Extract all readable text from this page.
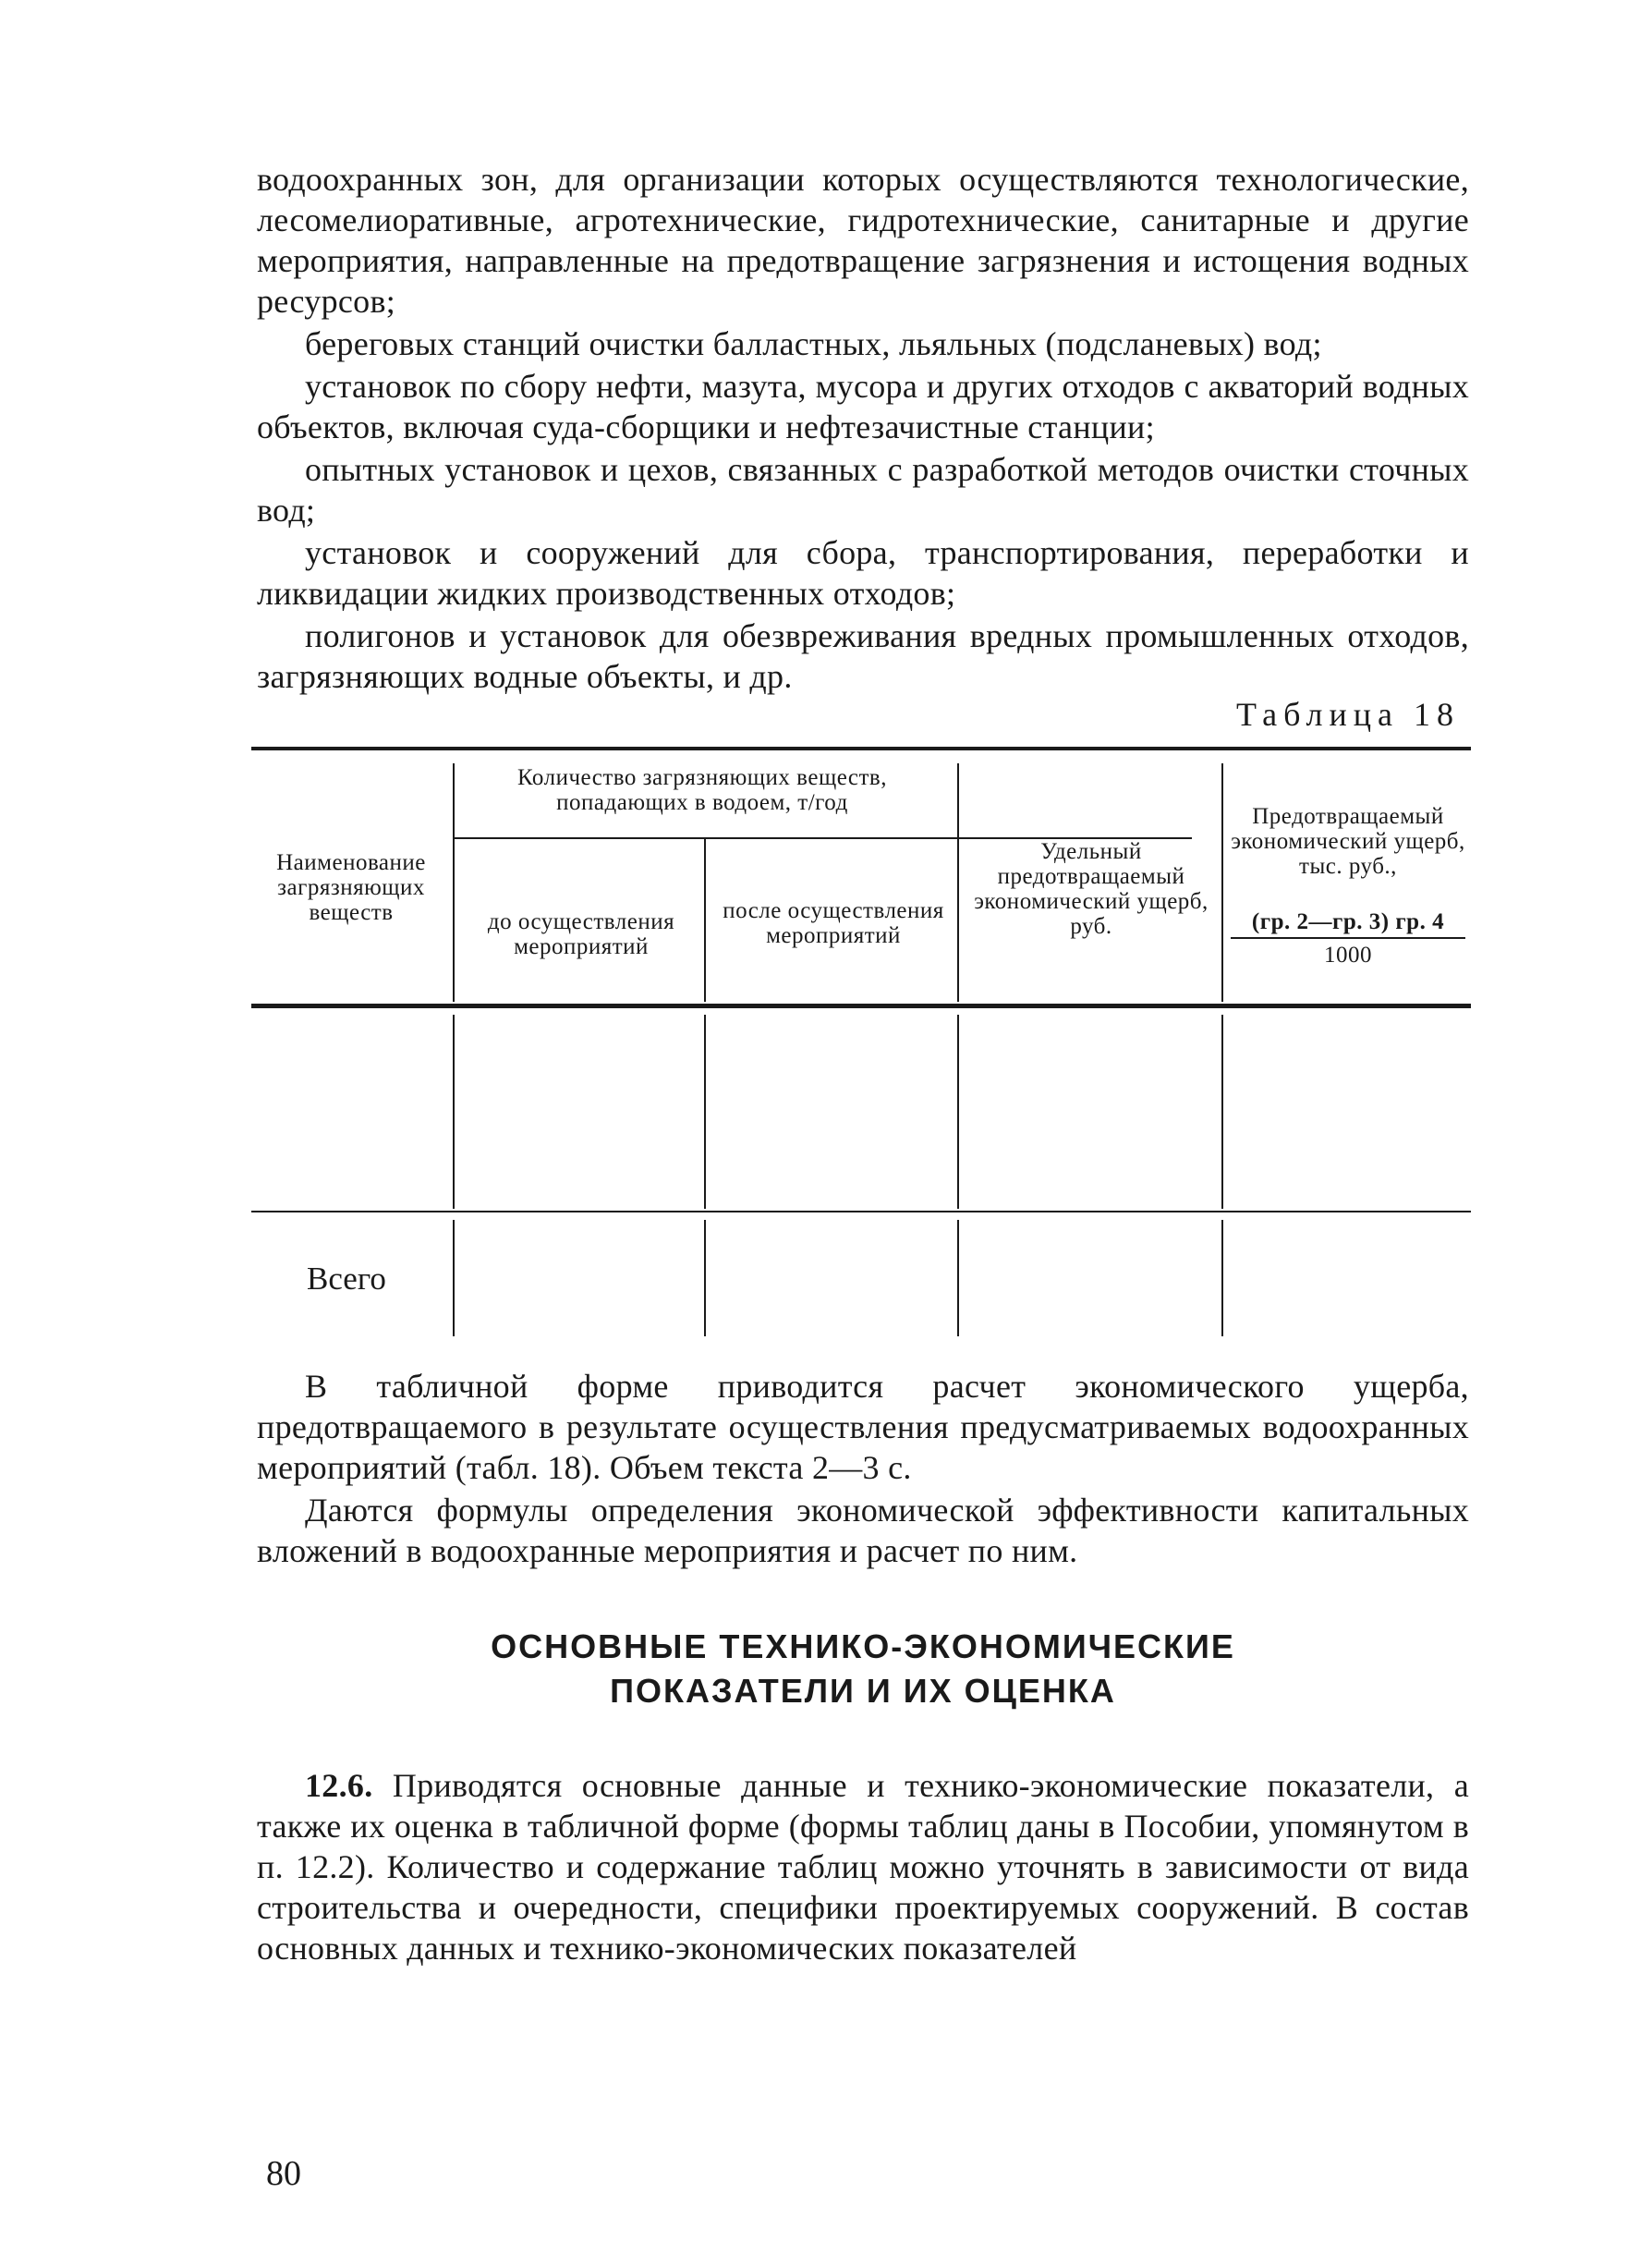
водоохранных зон, для организации которых осуществляются технологические, лесомелиоративные, агротехнические, гидротехнические, санитарные и другие мероприятия, направленные на предотвращение загрязнения и истощения водных ресурсов;

береговых станций очистки балластных, льяльных (подсланевых) вод;

установок по сбору нефти, мазута, мусора и других отходов с акваторий водных объектов, включая суда-сборщики и нефтезачистные станции;

опытных установок и цехов, связанных с разработкой методов очистки сточных вод;

установок и сооружений для сбора, транспортирования, переработки и ликвидации жидких производственных отходов;

полигонов и установок для обезвреживания вредных промышленных отходов, загрязняющих водные объекты, и др.

Таблица 18
Наименование загрязняющих веществ
Количество загрязняющих веществ, попадающих в водоем, т/год
до осуществления мероприятий
после осуществления мероприятий
Удельный предотвращаемый экономический ущерб, руб.
Предотвращаемый экономический ущерб, тыс. руб.,
(гр. 2—гр. 3) гр. 4
1000
Всего

В табличной форме приводится расчет экономического ущерба, предотвращаемого в результате осуществления предусматриваемых водоохранных мероприятий (табл. 18). Объем текста 2—3 с.

Даются формулы определения экономической эффективности капитальных вложений в водоохранные мероприятия и расчет по ним.

ОСНОВНЫЕ ТЕХНИКО-ЭКОНОМИЧЕСКИЕ
ПОКАЗАТЕЛИ И ИХ ОЦЕНКА

12.6. Приводятся основные данные и технико-экономические показатели, а также их оценка в табличной форме (формы таблиц даны в Пособии, упомянутом в п. 12.2). Количество и содержание таблиц можно уточнять в зависимости от вида строительства и очередности, специфики проектируемых сооружений. В состав основных данных и технико-экономических показателей

80
